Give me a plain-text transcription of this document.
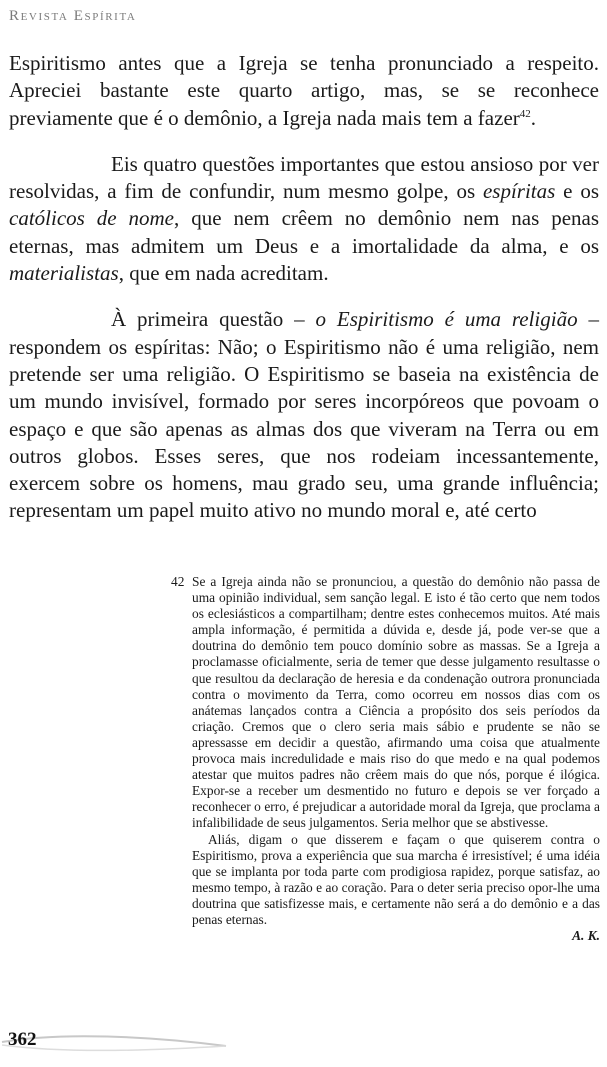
Revista Espírita

Espiritismo antes que a Igreja se tenha pronunciado a respeito. Apreciei bastante este quarto artigo, mas, se se reconhece previamente que é o demônio, a Igreja nada mais tem a fazer$^{42}$.

Eis quatro questões importantes que estou ansioso por ver resolvidas, a fim de confundir, num mesmo golpe, os espíritas e os católicos de nome, que nem crêem no demônio nem nas penas eternas, mas admitem um Deus e a imortalidade da alma, e os materialistas, que em nada acreditam.

À primeira questão – o Espiritismo é uma religião – respondem os espíritas: Não; o Espiritismo não é uma religião, nem pretende ser uma religião. O Espiritismo se baseia na existência de um mundo invisível, formado por seres incorpóreos que povoam o espaço e que são apenas as almas dos que viveram na Terra ou em outros globos. Esses seres, que nos rodeiam incessantemente, exercem sobre os homens, mau grado seu, uma grande influência; representam um papel muito ativo no mundo moral e, até certo

42 Se a Igreja ainda não se pronunciou, a questão do demônio não passa de uma opinião individual, sem sanção legal. E isto é tão certo que nem todos os eclesiásticos a compartilham; dentre estes conhecemos muitos. Até mais ampla informação, é permitida a dúvida e, desde já, pode ver-se que a doutrina do demônio tem pouco domínio sobre as massas. Se a Igreja a proclamasse oficialmente, seria de temer que desse julgamento resultasse o que resultou da declaração de heresia e da condenação outrora pronunciada contra o movimento da Terra, como ocorreu em nossos dias com os anátemas lançados contra a Ciência a propósito dos seis períodos da criação. Cremos que o clero seria mais sábio e prudente se não se apressasse em decidir a questão, afirmando uma coisa que atualmente provoca mais incredulidade e mais riso do que medo e na qual podemos atestar que muitos padres não crêem mais do que nós, porque é ilógica. Expor-se a receber um desmentido no futuro e depois se ver forçado a reconhecer o erro, é prejudicar a autoridade moral da Igreja, que proclama a infalibilidade de seus julgamentos. Seria melhor que se abstivesse.

Aliás, digam o que disserem e façam o que quiserem contra o Espiritismo, prova a experiência que sua marcha é irresistível; é uma idéia que se implanta por toda parte com prodigiosa rapidez, porque satisfaz, ao mesmo tempo, à razão e ao coração. Para o deter seria preciso opor-lhe uma doutrina que satisfizesse mais, e certamente não será a do demônio e a das penas eternas.

A. K.

362
